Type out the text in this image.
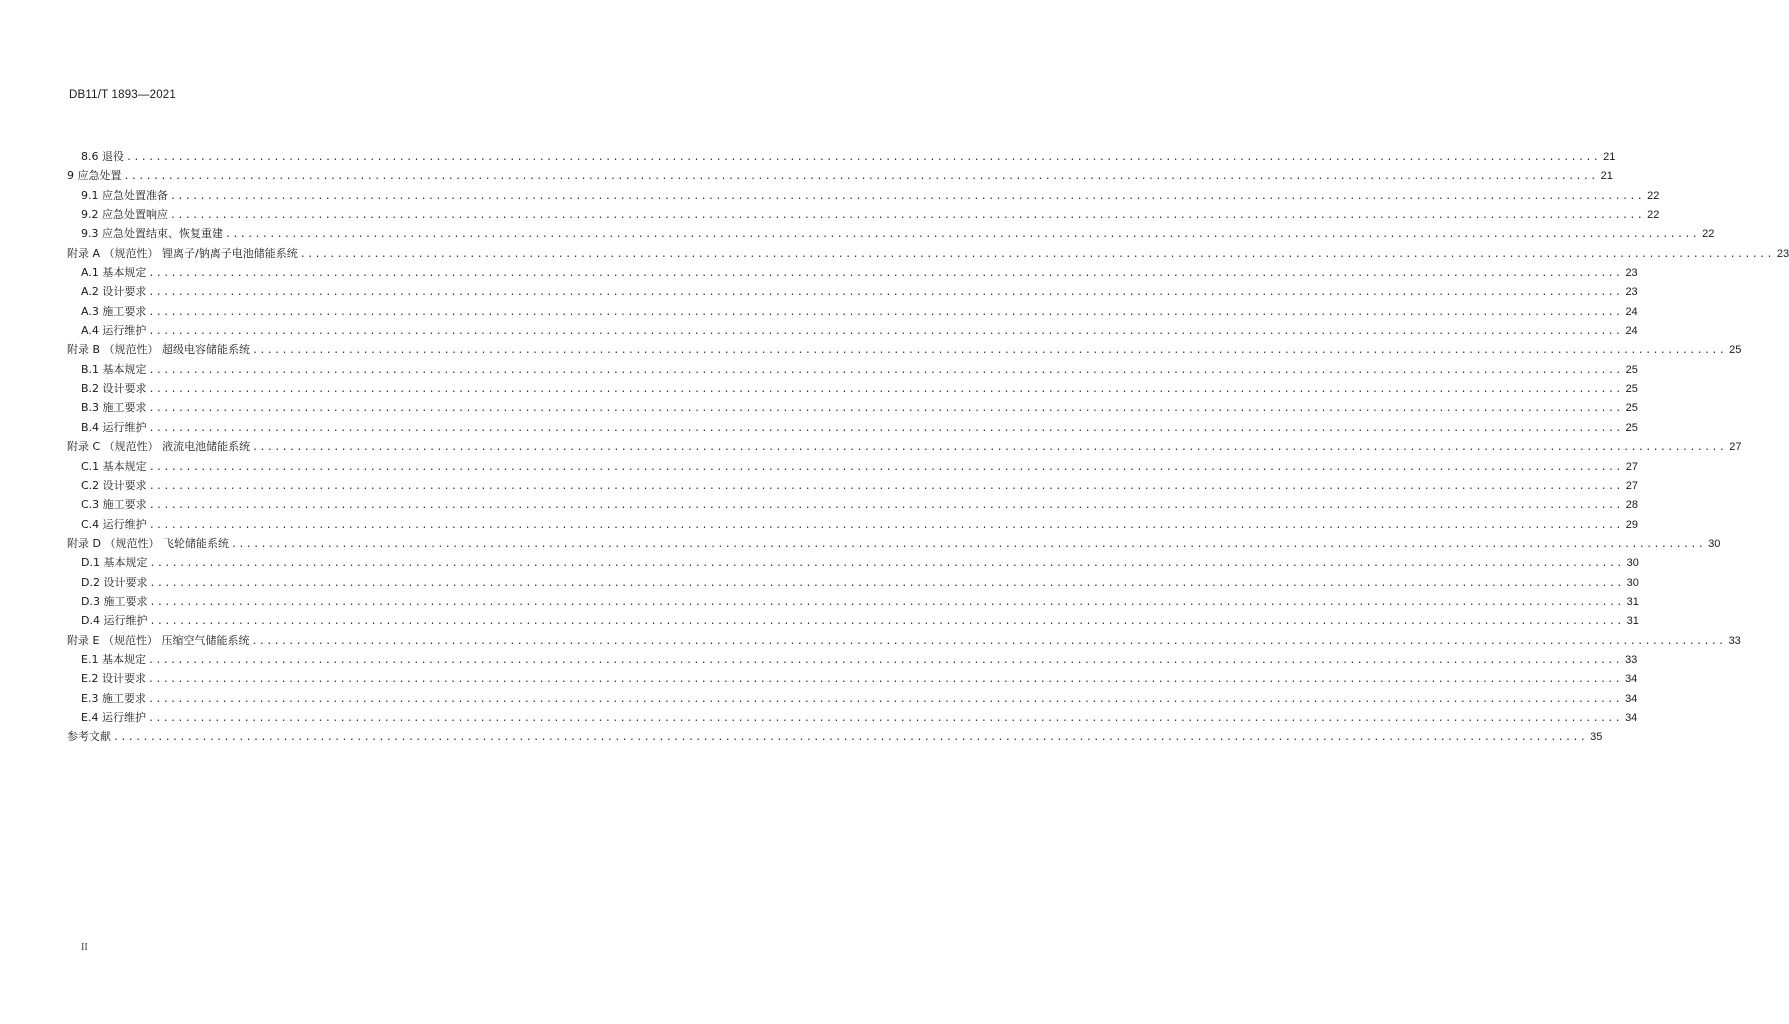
DB11/T 1893—2021
8.6 退役 ........................................................................................................................................................................................................ 21
9 应急处置 ........................................................................................................................................................................................................ 21
9.1 应急处置准备 ........................................................................................................................................................................................................ 22
9.2 应急处置响应 ........................................................................................................................................................................................................ 22
9.3 应急处置结束、恢复重建 ........................................................................................................................................................................................................ 22
附录 A （规范性） 锂离子/钠离子电池储能系统 ........................................................................................................................................................................................................ 23
A.1 基本规定 ........................................................................................................................................................................................................ 23
A.2 设计要求 ........................................................................................................................................................................................................ 23
A.3 施工要求 ........................................................................................................................................................................................................ 24
A.4 运行维护 ........................................................................................................................................................................................................ 24
附录 B （规范性） 超级电容储能系统 ........................................................................................................................................................................................................ 25
B.1 基本规定 ........................................................................................................................................................................................................ 25
B.2 设计要求 ........................................................................................................................................................................................................ 25
B.3 施工要求 ........................................................................................................................................................................................................ 25
B.4 运行维护 ........................................................................................................................................................................................................ 25
附录 C （规范性） 液流电池储能系统 ........................................................................................................................................................................................................ 27
C.1 基本规定 ........................................................................................................................................................................................................ 27
C.2 设计要求 ........................................................................................................................................................................................................ 27
C.3 施工要求 ........................................................................................................................................................................................................ 28
C.4 运行维护 ........................................................................................................................................................................................................ 29
附录 D （规范性） 飞轮储能系统 ........................................................................................................................................................................................................ 30
D.1 基本规定 ........................................................................................................................................................................................................ 30
D.2 设计要求 ........................................................................................................................................................................................................ 30
D.3 施工要求 ........................................................................................................................................................................................................ 31
D.4 运行维护 ........................................................................................................................................................................................................ 31
附录 E （规范性） 压缩空气储能系统 ........................................................................................................................................................................................................ 33
E.1 基本规定 ........................................................................................................................................................................................................ 33
E.2 设计要求 ........................................................................................................................................................................................................ 34
E.3 施工要求 ........................................................................................................................................................................................................ 34
E.4 运行维护 ........................................................................................................................................................................................................ 34
参考文献 ........................................................................................................................................................................................................ 35
II
